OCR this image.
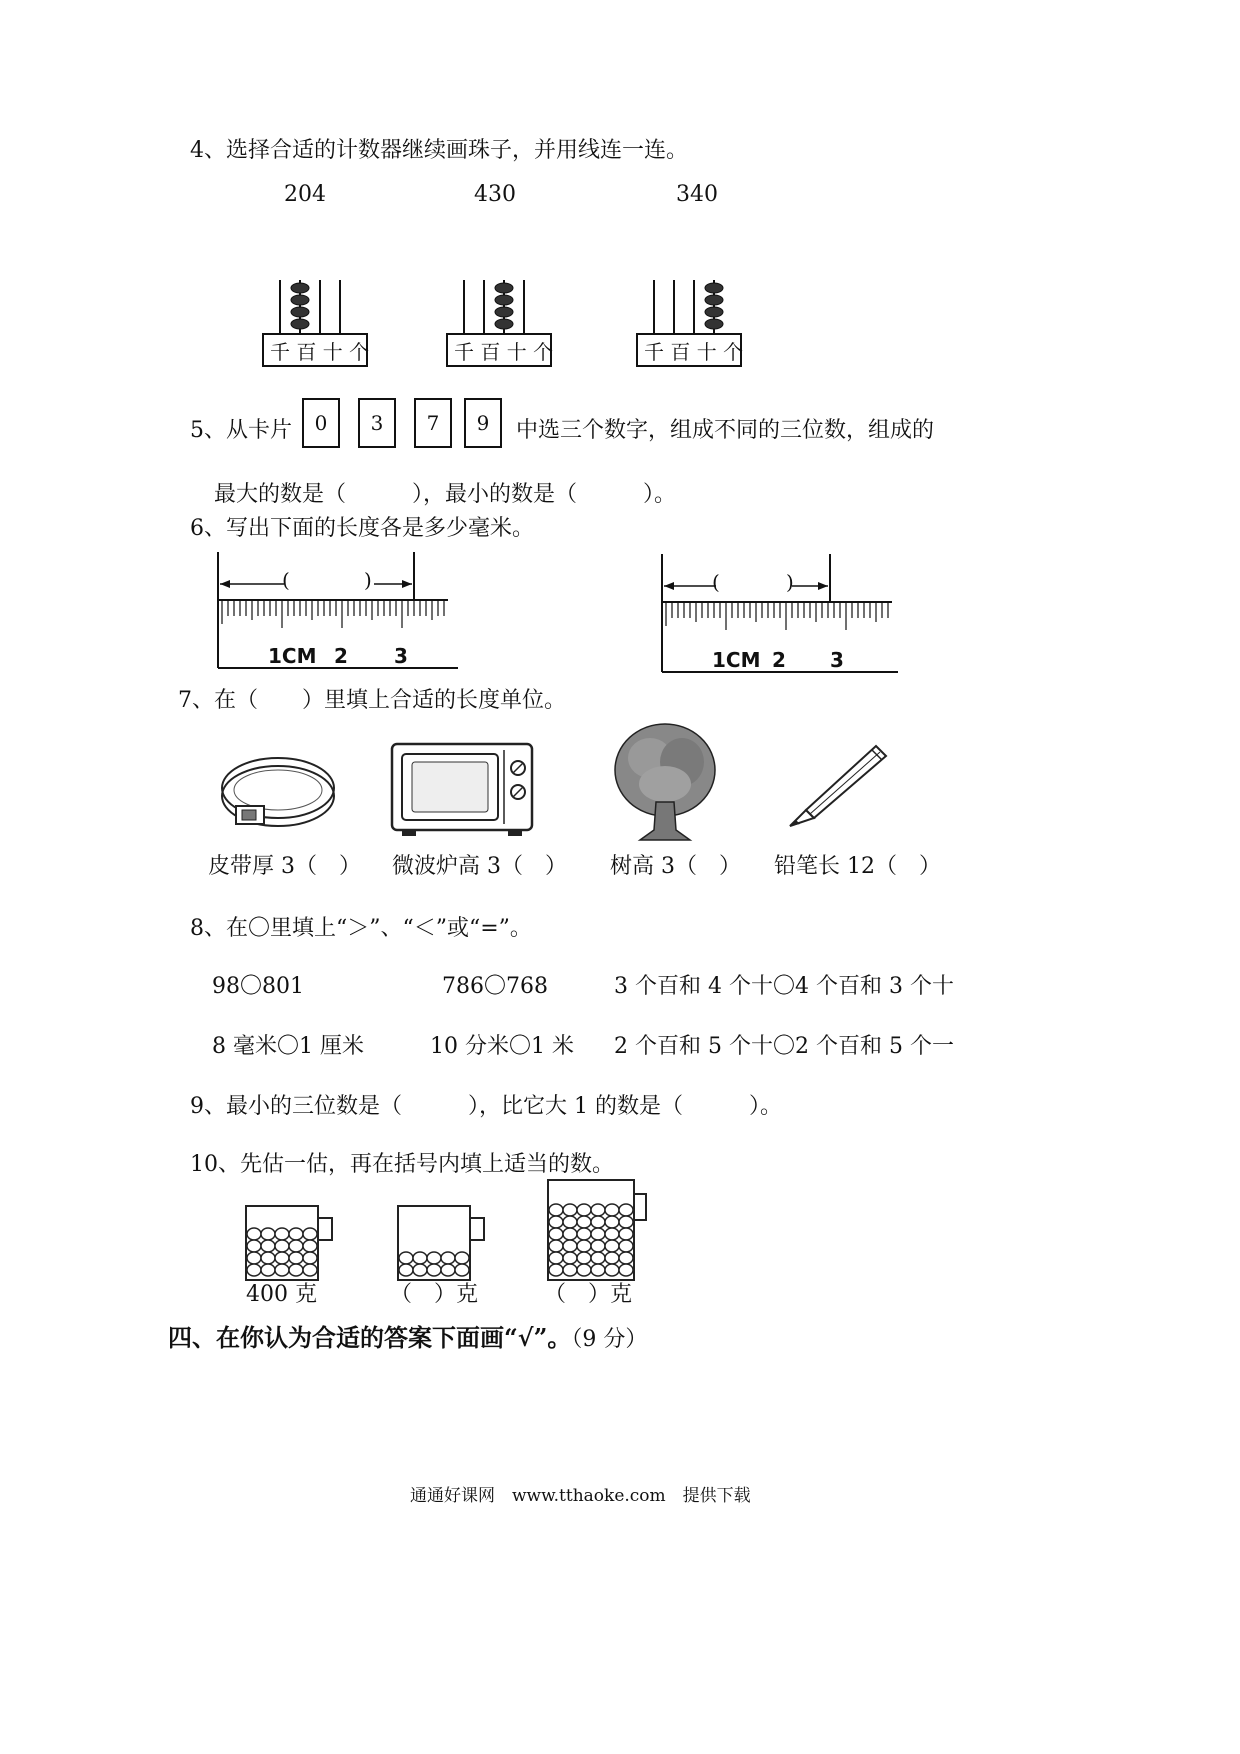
4、选择合适的计数器继续画珠子，并用线连一连。
204	430	340
千 百 十 个	千 百 十 个	千 百 十 个
5、从卡片	0	3	7	9	中选三个数字，组成不同的三位数，组成的
最大的数是（　　　），最小的数是（　　　）。
6、写出下面的长度各是多少毫米。
(	)
1CM 2 3
(	)
1CM 2 3
7、在（　　）里填上合适的长度单位。
皮带厚 3（　） 微波炉高 3（　） 树高 3（　） 铅笔长 12（　）
8、在〇里填上“＞”、“＜”或“=”。
98〇801	786〇768	3 个百和 4 个十〇4 个百和 3 个十
8 毫米〇1 厘米	10 分米〇1 米 2 个百和 5 个十〇2 个百和 5 个一
9、最小的三位数是（　　　），比它大 1 的数是（　　　）。
10、先估一估，再在括号内填上适当的数。
400 克	（　）克	（　）克
四、在你认为合适的答案下面画“√”。（9 分）
通通好课网　www.tthaoke.com　提供下载
